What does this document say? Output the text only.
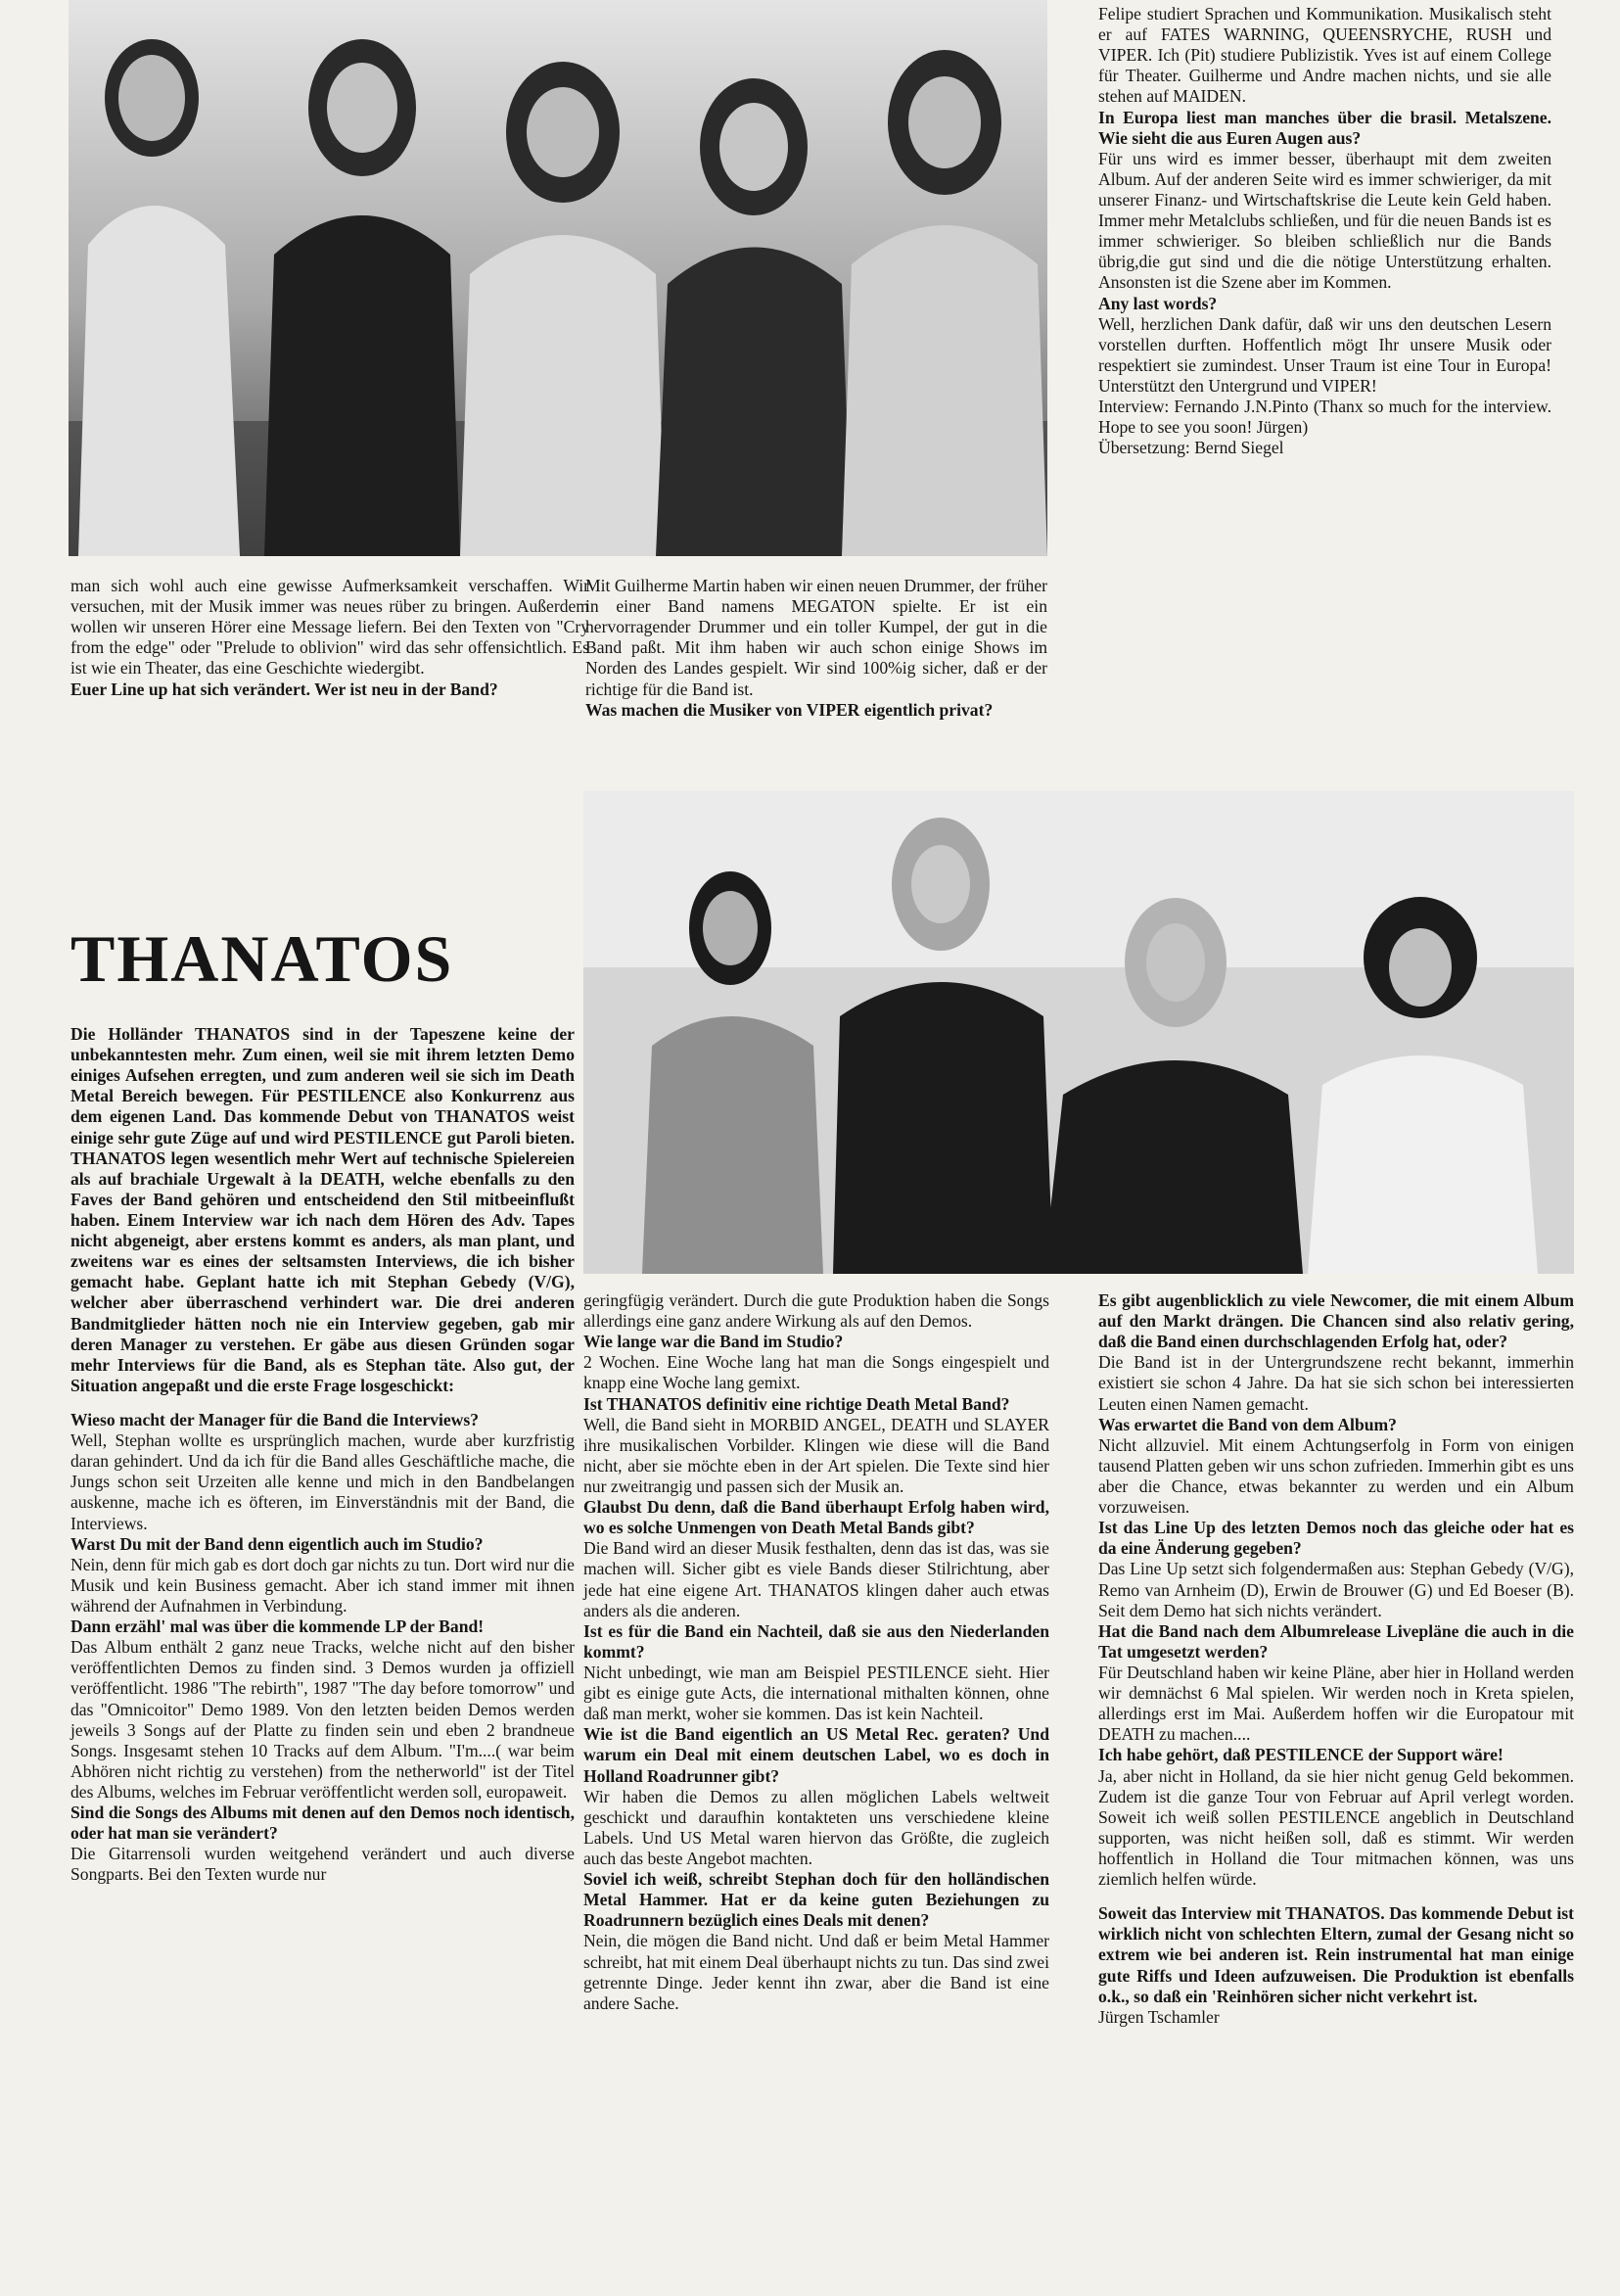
man sich wohl auch eine gewisse Aufmerksamkeit verschaffen. Wir versuchen, mit der Musik immer was neues rüber zu bringen. Außerdem wollen wir unseren Hörer eine Message liefern. Bei den Texten von "Cry from the edge" oder "Prelude to oblivion" wird das sehr offensichtlich. Es ist wie ein Theater, das eine Geschichte wiedergibt.

Euer Line up hat sich verändert. Wer ist neu in der Band?

Mit Guilherme Martin haben wir einen neuen Drummer, der früher in einer Band namens MEGATON spielte. Er ist ein hervorragender Drummer und ein toller Kumpel, der gut in die Band paßt. Mit ihm haben wir auch schon einige Shows im Norden des Landes gespielt. Wir sind 100%ig sicher, daß er der richtige für die Band ist.

Was machen die Musiker von VIPER eigentlich privat?

Felipe studiert Sprachen und Kommunikation. Musikalisch steht er auf FATES WARNING, QUEENSRYCHE, RUSH und VIPER. Ich (Pit) studiere Publizistik. Yves ist auf einem College für Theater. Guilherme und Andre machen nichts, und sie alle stehen auf MAIDEN.

In Europa liest man manches über die brasil. Metalszene. Wie sieht die aus Euren Augen aus?

Für uns wird es immer besser, überhaupt mit dem zweiten Album. Auf der anderen Seite wird es immer schwieriger, da mit unserer Finanz- und Wirtschaftskrise die Leute kein Geld haben. Immer mehr Metalclubs schließen, und für die neuen Bands ist es immer schwieriger. So bleiben schließlich nur die Bands übrig,die gut sind und die die nötige Unterstützung erhalten. Ansonsten ist die Szene aber im Kommen.

Any last words?

Well, herzlichen Dank dafür, daß wir uns den deutschen Lesern vorstellen durften. Hoffentlich mögt Ihr unsere Musik oder respektiert sie zumindest. Unser Traum ist eine Tour in Europa! Unterstützt den Untergrund und VIPER!

Interview: Fernando J.N.Pinto (Thanx so much for the interview. Hope to see you soon! Jürgen)

Übersetzung: Bernd Siegel

THANATOS

Die Holländer THANATOS sind in der Tapeszene keine der unbekanntesten mehr. Zum einen, weil sie mit ihrem letzten Demo einiges Aufsehen erregten, und zum anderen weil sie sich im Death Metal Bereich bewegen. Für PESTILENCE also Konkurrenz aus dem eigenen Land. Das kommende Debut von THANATOS weist einige sehr gute Züge auf und wird PESTILENCE gut Paroli bieten. THANATOS legen wesentlich mehr Wert auf technische Spielereien als auf brachiale Urgewalt à la DEATH, welche ebenfalls zu den Faves der Band gehören und entscheidend den Stil mitbeeinflußt haben. Einem Interview war ich nach dem Hören des Adv. Tapes nicht abgeneigt, aber erstens kommt es anders, als man plant, und zweitens war es eines der seltsamsten Interviews, die ich bisher gemacht habe. Geplant hatte ich mit Stephan Gebedy (V/G), welcher aber überraschend verhindert war. Die drei anderen Bandmitglieder hätten noch nie ein Interview gegeben, gab mir deren Manager zu verstehen. Er gäbe aus diesen Gründen sogar mehr Interviews für die Band, als es Stephan täte. Also gut, der Situation angepaßt und die erste Frage losgeschickt:

Wieso macht der Manager für die Band die Interviews?

Well, Stephan wollte es ursprünglich machen, wurde aber kurzfristig daran gehindert. Und da ich für die Band alles Geschäftliche mache, die Jungs schon seit Urzeiten alle kenne und mich in den Bandbelangen auskenne, mache ich es öfteren, im Einverständnis mit der Band, die Interviews.

Warst Du mit der Band denn eigentlich auch im Studio?

Nein, denn für mich gab es dort doch gar nichts zu tun. Dort wird nur die Musik und kein Business gemacht. Aber ich stand immer mit ihnen während der Aufnahmen in Verbindung.

Dann erzähl' mal was über die kommende LP der Band!

Das Album enthält 2 ganz neue Tracks, welche nicht auf den bisher veröffentlichten Demos zu finden sind. 3 Demos wurden ja offiziell veröffentlicht. 1986 "The rebirth", 1987 "The day before tomorrow" und das "Omnicoitor" Demo 1989. Von den letzten beiden Demos werden jeweils 3 Songs auf der Platte zu finden sein und eben 2 brandneue Songs. Insgesamt stehen 10 Tracks auf dem Album. "I'm....( war beim Abhören nicht richtig zu verstehen) from the netherworld" ist der Titel des Albums, welches im Februar veröffentlicht werden soll, europaweit.

Sind die Songs des Albums mit denen auf den Demos noch identisch, oder hat man sie verändert?

Die Gitarrensoli wurden weitgehend verändert und auch diverse Songparts. Bei den Texten wurde nur

geringfügig verändert. Durch die gute Produktion haben die Songs allerdings eine ganz andere Wirkung als auf den Demos.

Wie lange war die Band im Studio?

2 Wochen. Eine Woche lang hat man die Songs eingespielt und knapp eine Woche lang gemixt.

Ist THANATOS definitiv eine richtige Death Metal Band?

Well, die Band sieht in MORBID ANGEL, DEATH und SLAYER ihre musikalischen Vorbilder. Klingen wie diese will die Band nicht, aber sie möchte eben in der Art spielen. Die Texte sind hier nur zweitrangig und passen sich der Musik an.

Glaubst Du denn, daß die Band überhaupt Erfolg haben wird, wo es solche Unmengen von Death Metal Bands gibt?

Die Band wird an dieser Musik festhalten, denn das ist das, was sie machen will. Sicher gibt es viele Bands dieser Stilrichtung, aber jede hat eine eigene Art. THANATOS klingen daher auch etwas anders als die anderen.

Ist es für die Band ein Nachteil, daß sie aus den Niederlanden kommt?

Nicht unbedingt, wie man am Beispiel PESTILENCE sieht. Hier gibt es einige gute Acts, die international mithalten können, ohne daß man merkt, woher sie kommen. Das ist kein Nachteil.

Wie ist die Band eigentlich an US Metal Rec. geraten? Und warum ein Deal mit einem deutschen Label, wo es doch in Holland Roadrunner gibt?

Wir haben die Demos zu allen möglichen Labels weltweit geschickt und daraufhin kontakteten uns verschiedene kleine Labels. Und US Metal waren hiervon das Größte, die zugleich auch das beste Angebot machten.

Soviel ich weiß, schreibt Stephan doch für den holländischen Metal Hammer. Hat er da keine guten Beziehungen zu Roadrunnern bezüglich eines Deals mit denen?

Nein, die mögen die Band nicht. Und daß er beim Metal Hammer schreibt, hat mit einem Deal überhaupt nichts zu tun. Das sind zwei getrennte Dinge. Jeder kennt ihn zwar, aber die Band ist eine andere Sache.

Es gibt augenblicklich zu viele Newcomer, die mit einem Album auf den Markt drängen. Die Chancen sind also relativ gering, daß die Band einen durchschlagenden Erfolg hat, oder?

Die Band ist in der Untergrundszene recht bekannt, immerhin existiert sie schon 4 Jahre. Da hat sie sich schon bei interessierten Leuten einen Namen gemacht.

Was erwartet die Band von dem Album?

Nicht allzuviel. Mit einem Achtungserfolg in Form von einigen tausend Platten geben wir uns schon zufrieden. Immerhin gibt es uns aber die Chance, etwas bekannter zu werden und ein Album vorzuweisen.

Ist das Line Up des letzten Demos noch das gleiche oder hat es da eine Änderung gegeben?

Das Line Up setzt sich folgendermaßen aus: Stephan Gebedy (V/G), Remo van Arnheim (D), Erwin de Brouwer (G) und Ed Boeser (B). Seit dem Demo hat sich nichts verändert.

Hat die Band nach dem Albumrelease Livepläne die auch in die Tat umgesetzt werden?

Für Deutschland haben wir keine Pläne, aber hier in Holland werden wir demnächst 6 Mal spielen. Wir werden noch in Kreta spielen, allerdings erst im Mai. Außerdem hoffen wir die Europatour mit DEATH zu machen....

Ich habe gehört, daß PESTILENCE der Support wäre!

Ja, aber nicht in Holland, da sie hier nicht genug Geld bekommen. Zudem ist die ganze Tour von Februar auf April verlegt worden. Soweit ich weiß sollen PESTILENCE angeblich in Deutschland supporten, was nicht heißen soll, daß es stimmt. Wir werden hoffentlich in Holland die Tour mitmachen können, was uns ziemlich helfen würde.

Soweit das Interview mit THANATOS. Das kommende Debut ist wirklich nicht von schlechten Eltern, zumal der Gesang nicht so extrem wie bei anderen ist. Rein instrumental hat man einige gute Riffs und Ideen aufzuweisen. Die Produktion ist ebenfalls o.k., so daß ein 'Reinhören sicher nicht verkehrt ist.

Jürgen Tschamler
